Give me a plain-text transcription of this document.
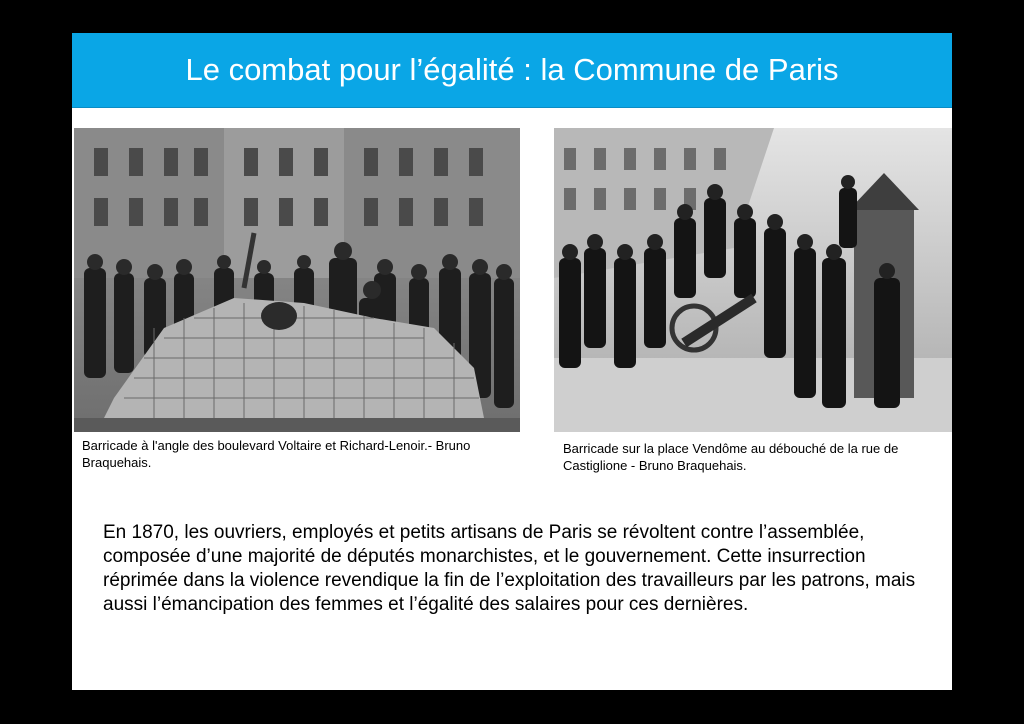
Le combat pour l’égalité : la Commune de Paris
Barricade à l'angle des boulevard Voltaire et Richard-Lenoir.- Bruno Braquehais.
Barricade sur la place Vendôme au débouché de la rue de Castiglione - Bruno Braquehais.
En 1870, les ouvriers, employés et petits artisans de Paris se révoltent contre l’assemblée, composée d’une majorité de députés monarchistes, et le gouvernement. Cette insurrection réprimée dans la violence revendique la fin de l’exploitation des travailleurs par les patrons, mais aussi l’émancipation des femmes et l’égalité des salaires pour ces dernières.
